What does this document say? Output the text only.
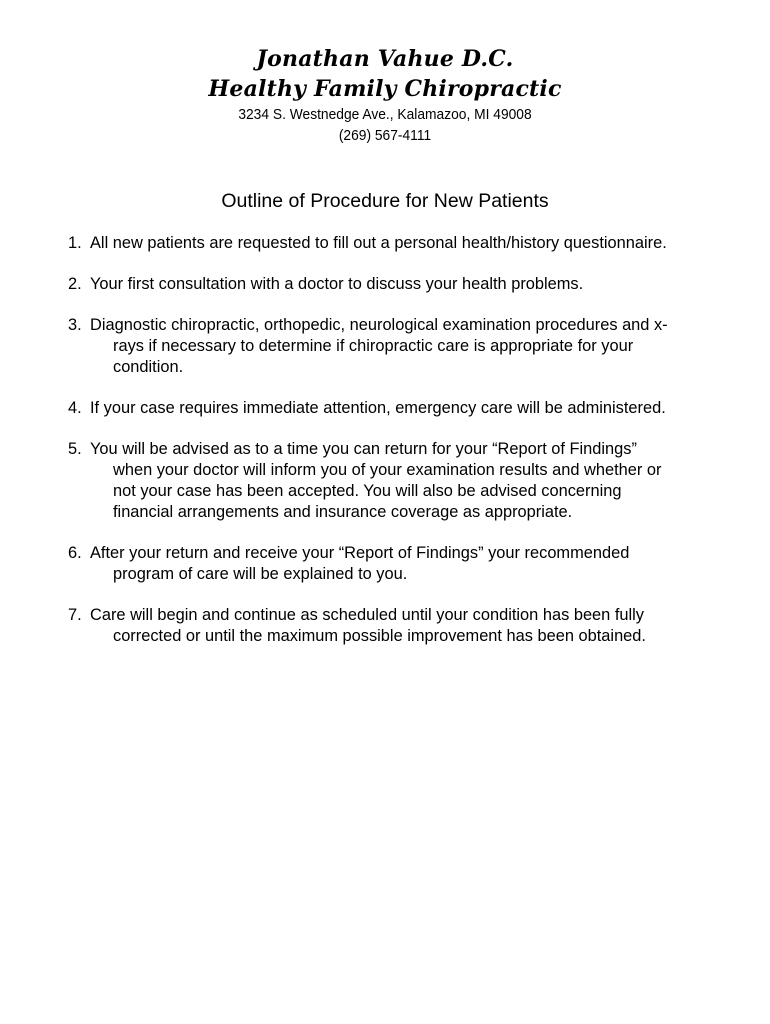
Jonathan Vahue D.C.
Healthy Family Chiropractic
3234 S. Westnedge Ave., Kalamazoo, MI 49008
(269) 567-4111
Outline of Procedure for New Patients
1. All new patients are requested to fill out a personal health/history questionnaire.
2. Your first consultation with a doctor to discuss your health problems.
3. Diagnostic chiropractic, orthopedic, neurological examination procedures and x-
rays if necessary to determine if chiropractic care is appropriate for your
condition.
4. If your case requires immediate attention, emergency care will be administered.
5. You will be advised as to a time you can return for your “Report of Findings”
when your doctor will inform you of your examination results and whether or
not your case has been accepted. You will also be advised concerning
financial arrangements and insurance coverage as appropriate.
6. After your return and receive your “Report of Findings” your recommended
program of care will be explained to you.
7. Care will begin and continue as scheduled until your condition has been fully
corrected or until the maximum possible improvement has been obtained.
